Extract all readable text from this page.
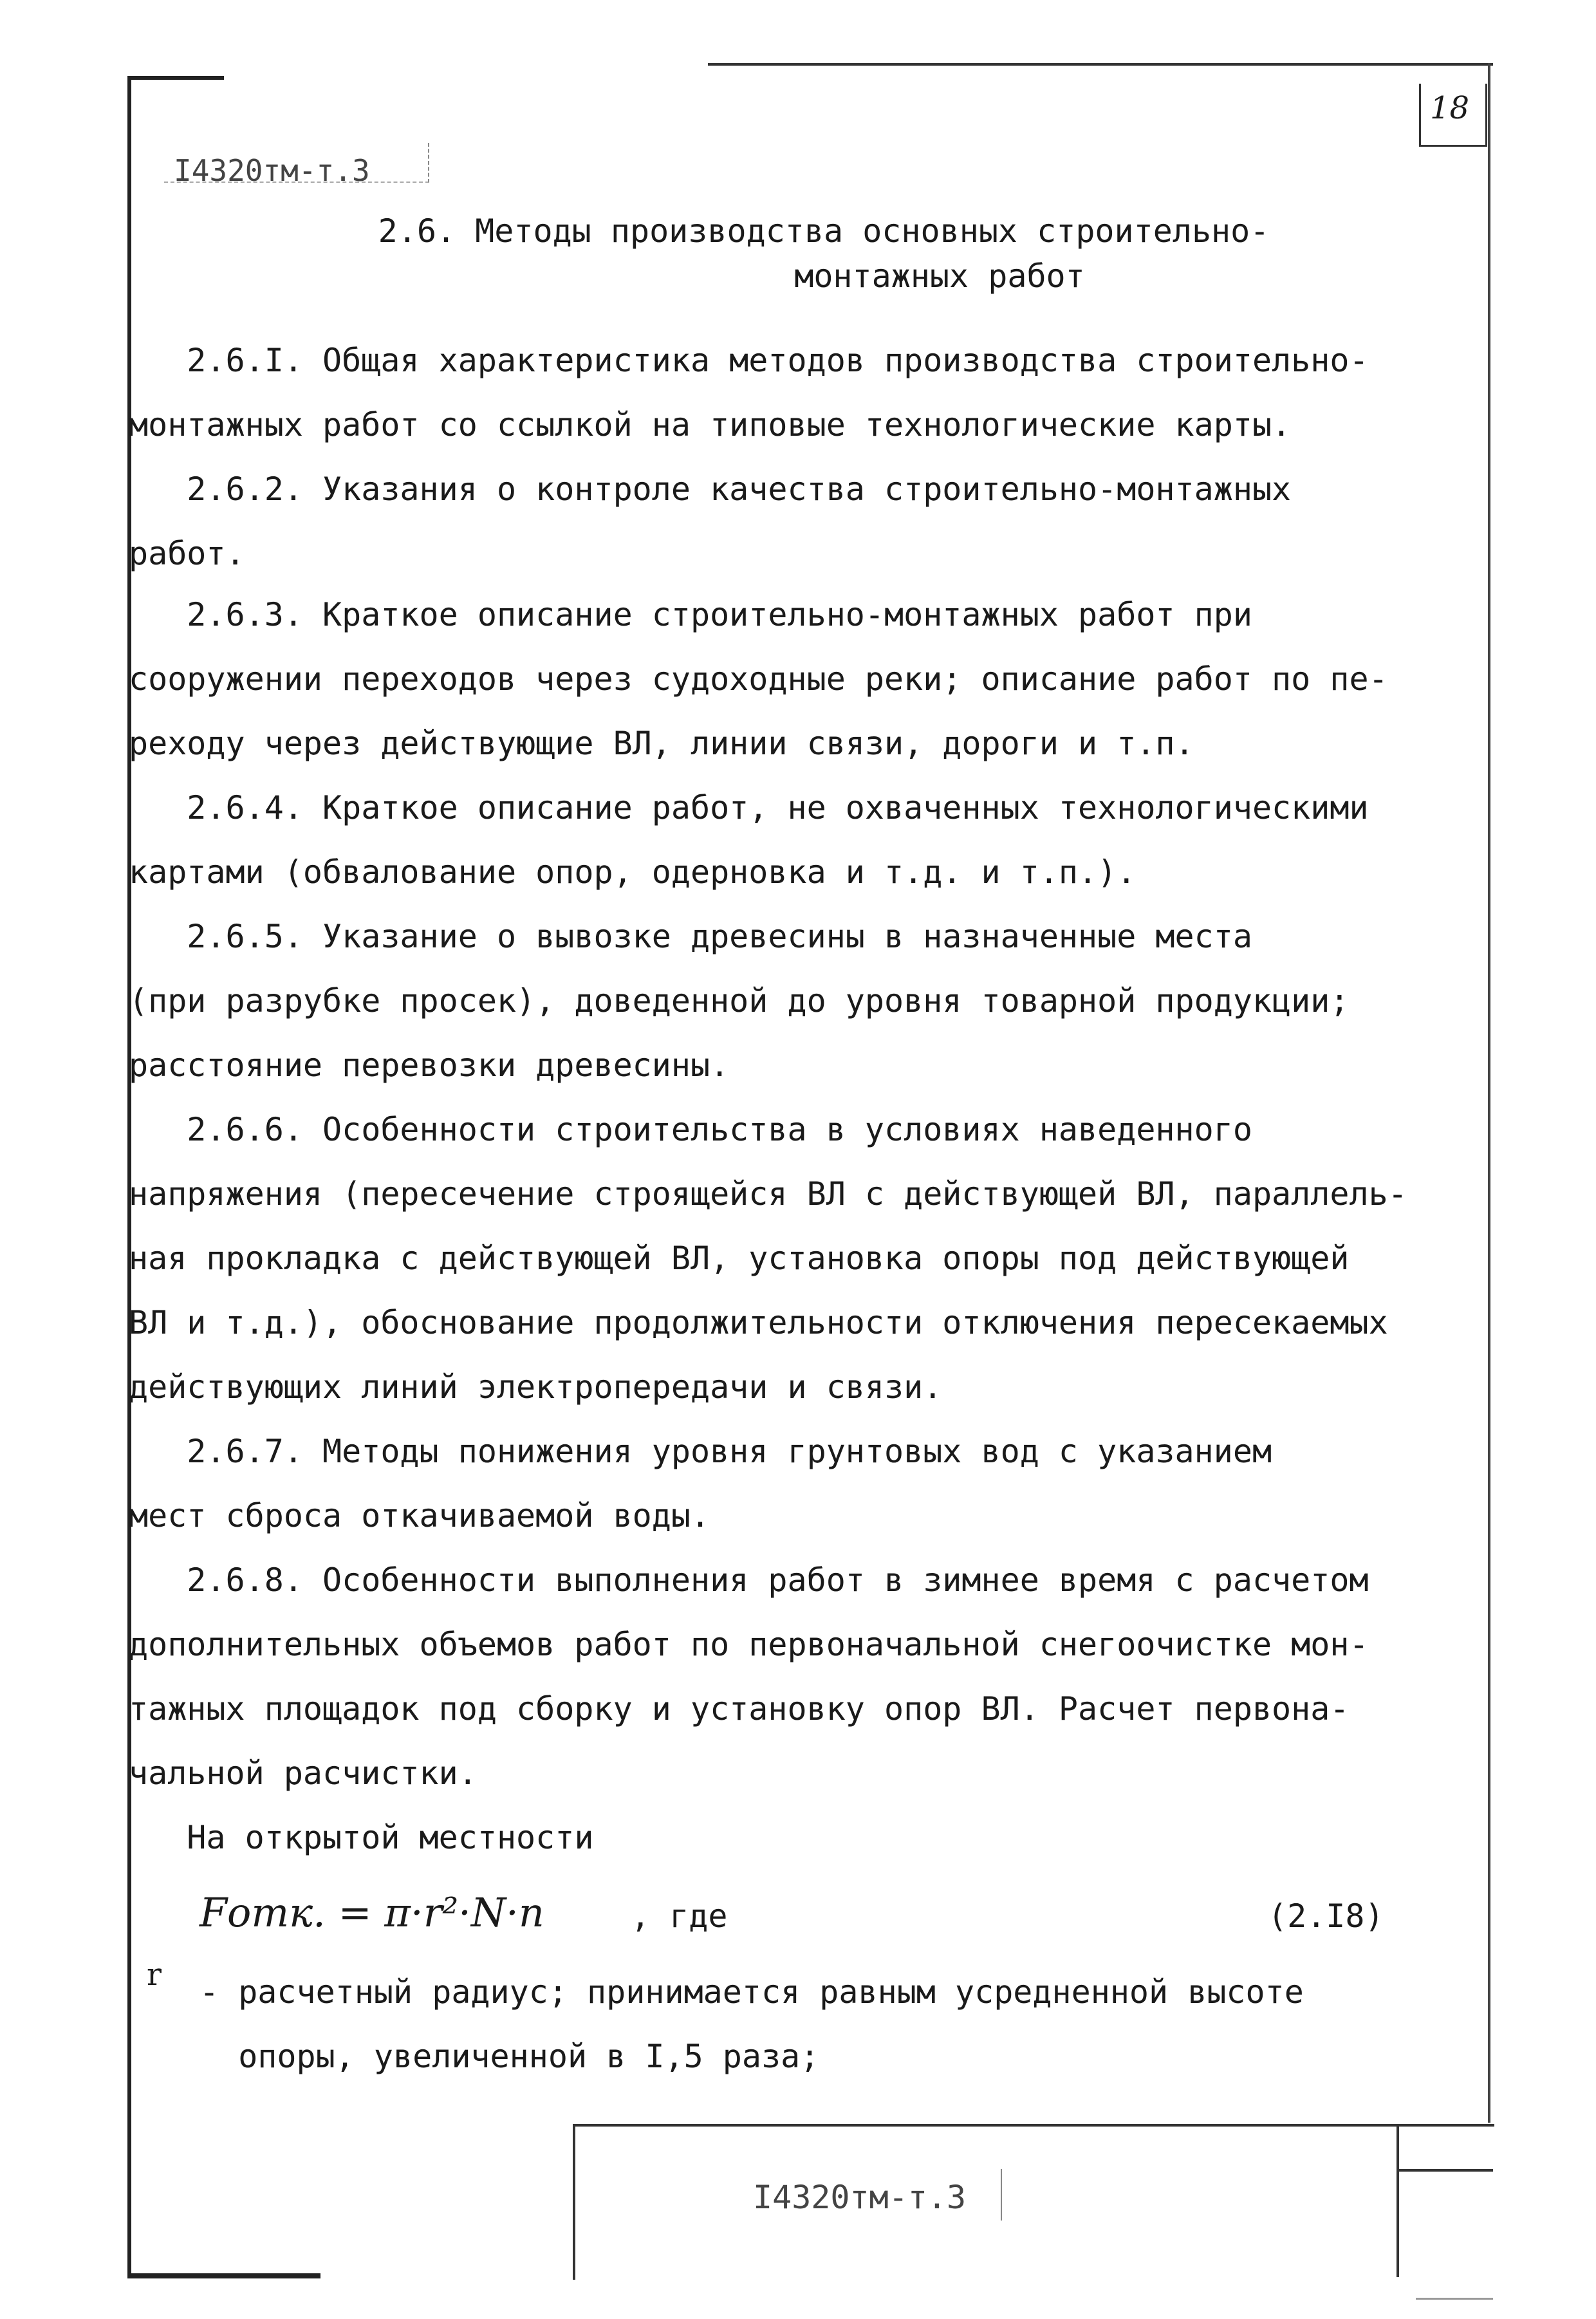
18
I4320тм-т.3
2.6. Методы производства основных строительно-
монтажных работ
2.6.I. Общая характеристика методов производства строительно-
монтажных работ со ссылкой на типовые технологические карты.
2.6.2. Указания о контроле качества строительно-монтажных
работ.
2.6.3. Краткое описание строительно-монтажных работ при
сооружении переходов через судоходные реки; описание работ по пе-
реходу через действующие ВЛ, линии связи, дороги и т.п.
2.6.4. Краткое описание работ, не охваченных технологическими
картами (обвалование опор, одерновка и т.д. и т.п.).
2.6.5. Указание о вывозке древесины в назначенные места
(при разрубке просек), доведенной до уровня товарной продукции;
расстояние перевозки древесины.
2.6.6. Особенности строительства в условиях наведенного
напряжения (пересечение строящейся ВЛ с действующей ВЛ, параллель-
ная прокладка с действующей ВЛ, установка опоры под действующей
ВЛ и т.д.), обоснование продолжительности отключения пересекаемых
действующих линий электропередачи и связи.
2.6.7. Методы понижения уровня грунтовых вод с указанием
мест сброса откачиваемой воды.
2.6.8. Особенности выполнения работ в зимнее время с расчетом
дополнительных объемов работ по первоначальной снегоочистке мон-
тажных площадок под сборку и установку опор ВЛ. Расчет первона-
чальной расчистки.
На открытой местности
Fотк. = π·r²·N·n	, где	(2.I8)
r - расчетный радиус; принимается равным усредненной высоте
опоры, увеличенной в I,5 раза;
I4320тм-т.3
